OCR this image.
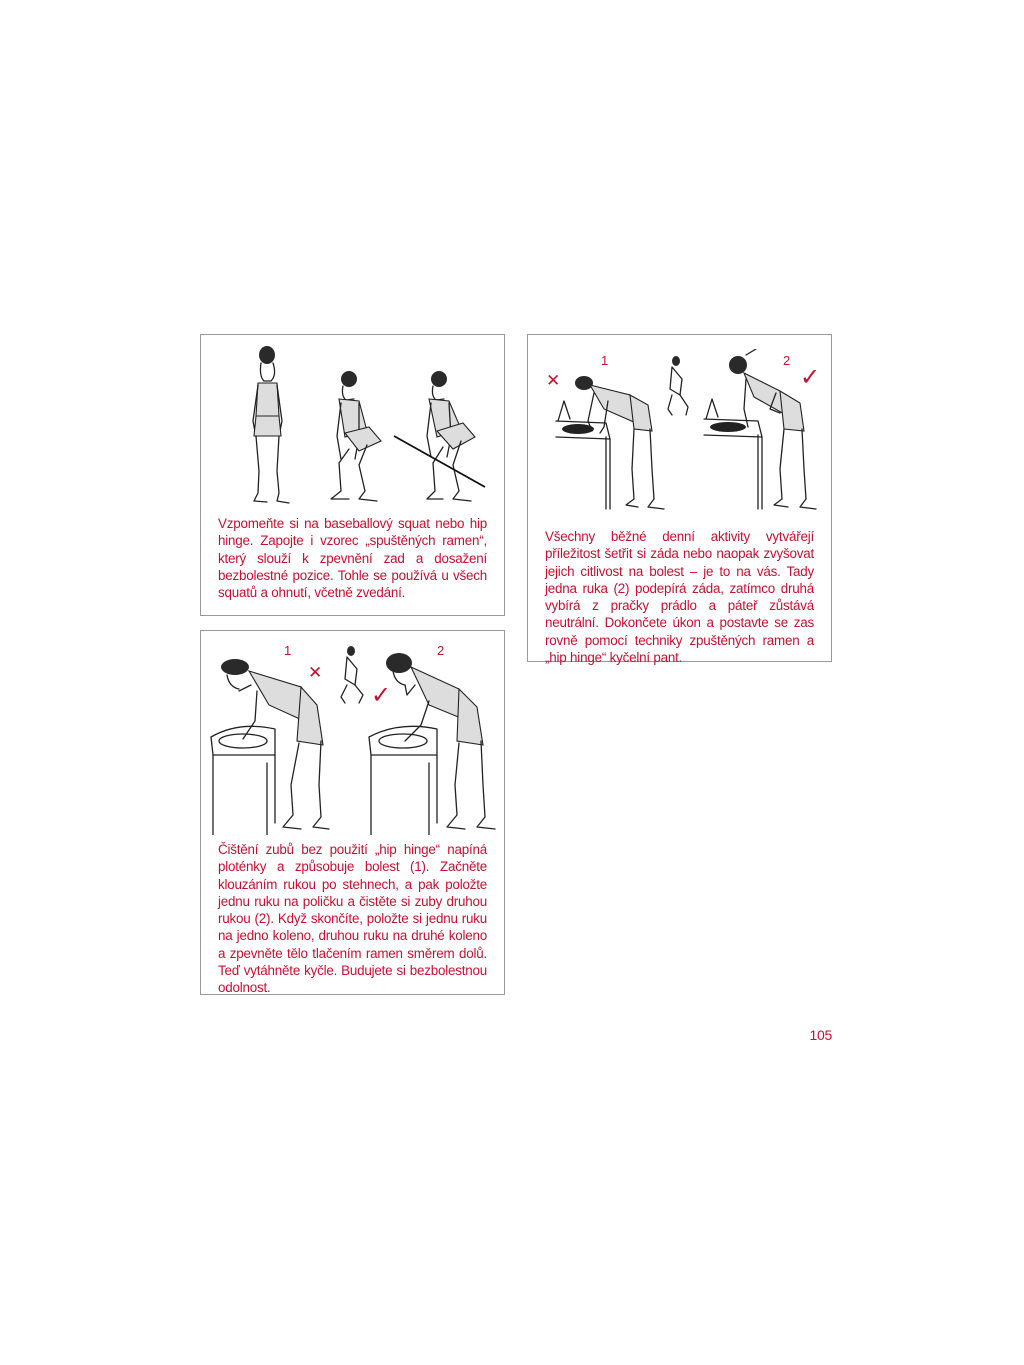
Vzpomeňte si na baseballový squat nebo hip hinge. Zapojte i vzorec „spuštěných ramen“, který slouží k zpevnění zad a dosažení bezbolestné pozice. Tohle se používá u všech squatů a ohnutí, včetně zvedání.
✕
1	2
✓
Všechny běžné denní aktivity vytvářejí příležitost šetřit si záda nebo naopak zvyšovat jejich citlivost na bolest – je to na vás. Tady jedna ruka (2) podepírá záda, zatímco druhá vybírá z pračky prádlo a páteř zůstává neutrální. Dokončete úkon a postavte se zas rovně pomocí techniky zpuštěných ramen a „hip hinge“ kyčelní pant.
1
✕
2
✓
Čištění zubů bez použití „hip hinge“ napíná ploténky a způsobuje bolest (1). Začněte klouzáním rukou po stehnech, a pak položte jednu ruku na poličku a čistěte si zuby druhou rukou (2). Když skončíte, položte si jednu ruku na jedno koleno, druhou ruku na druhé koleno a zpevněte tělo tlačením ramen směrem dolů. Teď vytáhněte kyčle. Budujete si bezbolestnou odolnost.
105
